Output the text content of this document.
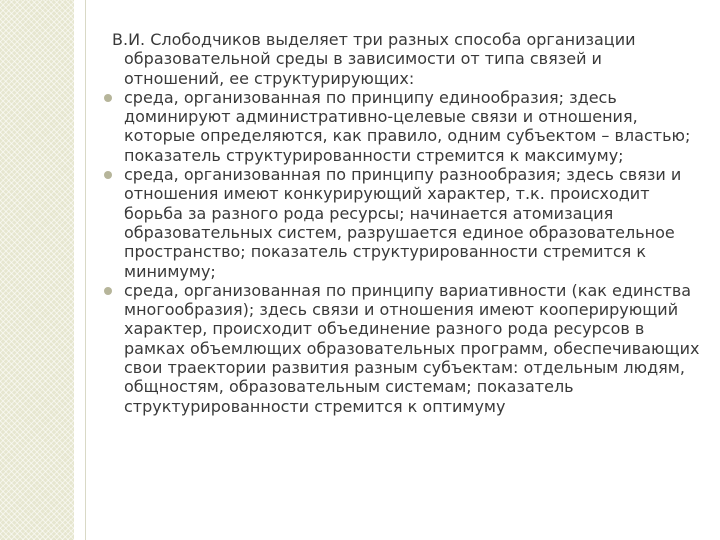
В.И. Слободчиков выделяет три разных способа организации образовательной среды в зависимости от типа связей и отношений, ее структурирующих:

среда, организованная по принципу единообразия; здесь доминируют административно-целевые связи и отношения, которые определяются, как правило, одним субъектом – властью; показатель структурированности стремится к максимуму;
среда, организованная по принципу разнообразия; здесь связи и отношения имеют конкурирующий характер, т.к. происходит борьба за разного рода ресурсы; начинается атомизация образовательных систем, разрушается единое образовательное пространство; показатель структурированности стремится к минимуму;
среда, организованная по принципу вариативности (как единства многообразия); здесь связи и отношения имеют кооперирующий характер, происходит объединение разного рода ресурсов в рамках объемлющих образовательных программ, обеспечивающих свои траектории развития разным субъектам: отдельным людям, общностям, образовательным системам; показатель структурированности стремится к оптимуму
